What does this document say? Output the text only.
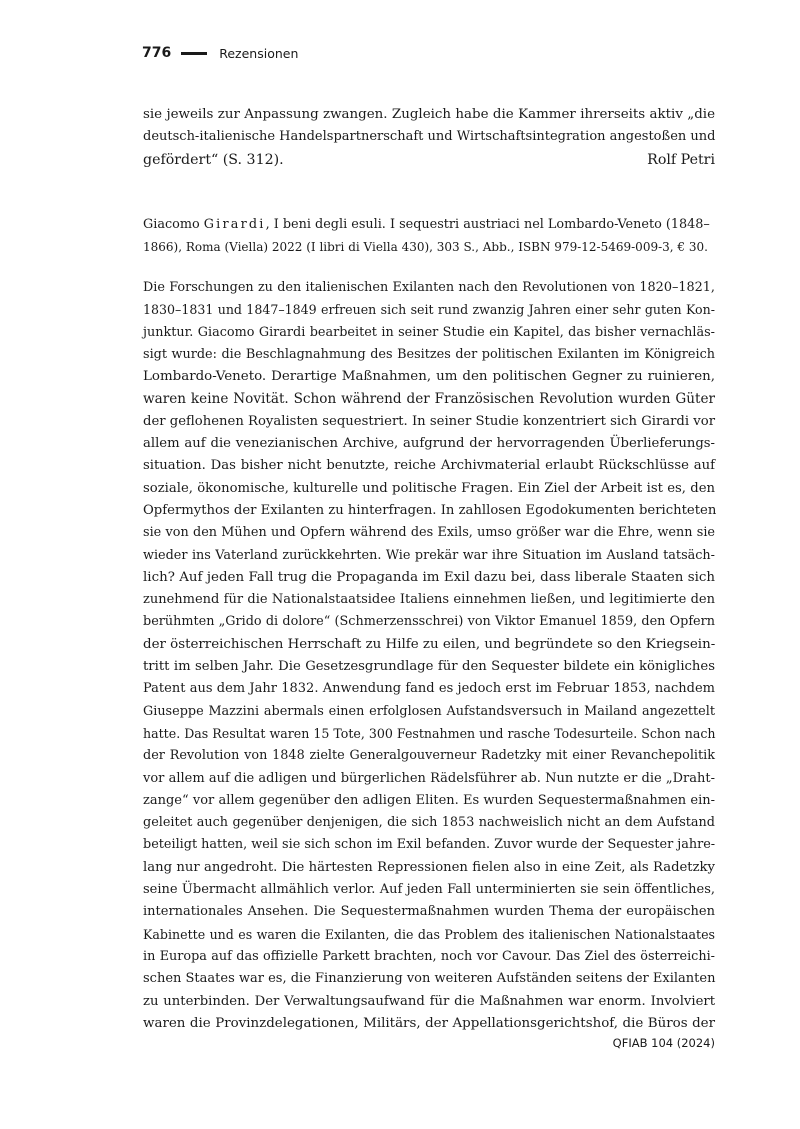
776	Rezensionen
sie jeweils zur Anpassung zwangen. Zugleich habe die Kammer ihrerseits aktiv „die
deutsch-italienische Handelspartnerschaft und Wirtschaftsintegration angestoßen und
gefördert“ (S. 312).	Rolf Petri
Giacomo Girardi, I beni degli esuli. I sequestri austriaci nel Lombardo-Veneto (1848–
1866), Roma (Viella) 2022 (I libri di Viella 430), 303 S., Abb., ISBN 979-12-5469-009-3, € 30.
Die Forschungen zu den italienischen Exilanten nach den Revolutionen von 1820–1821,
1830–1831 und 1847–1849 erfreuen sich seit rund zwanzig Jahren einer sehr guten Kon-
junktur. Giacomo Girardi bearbeitet in seiner Studie ein Kapitel, das bisher vernachläs-
sigt wurde: die Beschlagnahmung des Besitzes der politischen Exilanten im Königreich
Lombardo-Veneto. Derartige Maßnahmen, um den politischen Gegner zu ruinieren,
waren keine Novität. Schon während der Französischen Revolution wurden Güter
der geflohenen Royalisten sequestriert. In seiner Studie konzentriert sich Girardi vor
allem auf die venezianischen Archive, aufgrund der hervorragenden Überlieferungs-
situation. Das bisher nicht benutzte, reiche Archivmaterial erlaubt Rückschlüsse auf
soziale, ökonomische, kulturelle und politische Fragen. Ein Ziel der Arbeit ist es, den
Opfermythos der Exilanten zu hinterfragen. In zahllosen Egodokumenten berichteten
sie von den Mühen und Opfern während des Exils, umso größer war die Ehre, wenn sie
wieder ins Vaterland zurückkehrten. Wie prekär war ihre Situation im Ausland tatsäch-
lich? Auf jeden Fall trug die Propaganda im Exil dazu bei, dass liberale Staaten sich
zunehmend für die Nationalstaatsidee Italiens einnehmen ließen, und legitimierte den
berühmten „Grido di dolore“ (Schmerzensschrei) von Viktor Emanuel 1859, den Opfern
der österreichischen Herrschaft zu Hilfe zu eilen, und begründete so den Kriegsein-
tritt im selben Jahr. Die Gesetzesgrundlage für den Sequester bildete ein königliches
Patent aus dem Jahr 1832. Anwendung fand es jedoch erst im Februar 1853, nachdem
Giuseppe Mazzini abermals einen erfolglosen Aufstandsversuch in Mailand angezettelt
hatte. Das Resultat waren 15 Tote, 300 Festnahmen und rasche Todesurteile. Schon nach
der Revolution von 1848 zielte Generalgouverneur Radetzky mit einer Revanchepolitik
vor allem auf die adligen und bürgerlichen Rädelsführer ab. Nun nutzte er die „Draht-
zange“ vor allem gegenüber den adligen Eliten. Es wurden Sequestermaßnahmen ein-
geleitet auch gegenüber denjenigen, die sich 1853 nachweislich nicht an dem Aufstand
beteiligt hatten, weil sie sich schon im Exil befanden. Zuvor wurde der Sequester jahre-
lang nur angedroht. Die härtesten Repressionen fielen also in eine Zeit, als Radetzky
seine Übermacht allmählich verlor. Auf jeden Fall unterminierten sie sein öffentliches,
internationales Ansehen. Die Sequestermaßnahmen wurden Thema der europäischen
Kabinette und es waren die Exilanten, die das Problem des italienischen Nationalstaates
in Europa auf das offizielle Parkett brachten, noch vor Cavour. Das Ziel des österreichi-
schen Staates war es, die Finanzierung von weiteren Aufständen seitens der Exilanten
zu unterbinden. Der Verwaltungsaufwand für die Maßnahmen war enorm. Involviert
waren die Provinzdelegationen, Militärs, der Appellationsgerichtshof, die Büros der
QFIAB 104 (2024)
